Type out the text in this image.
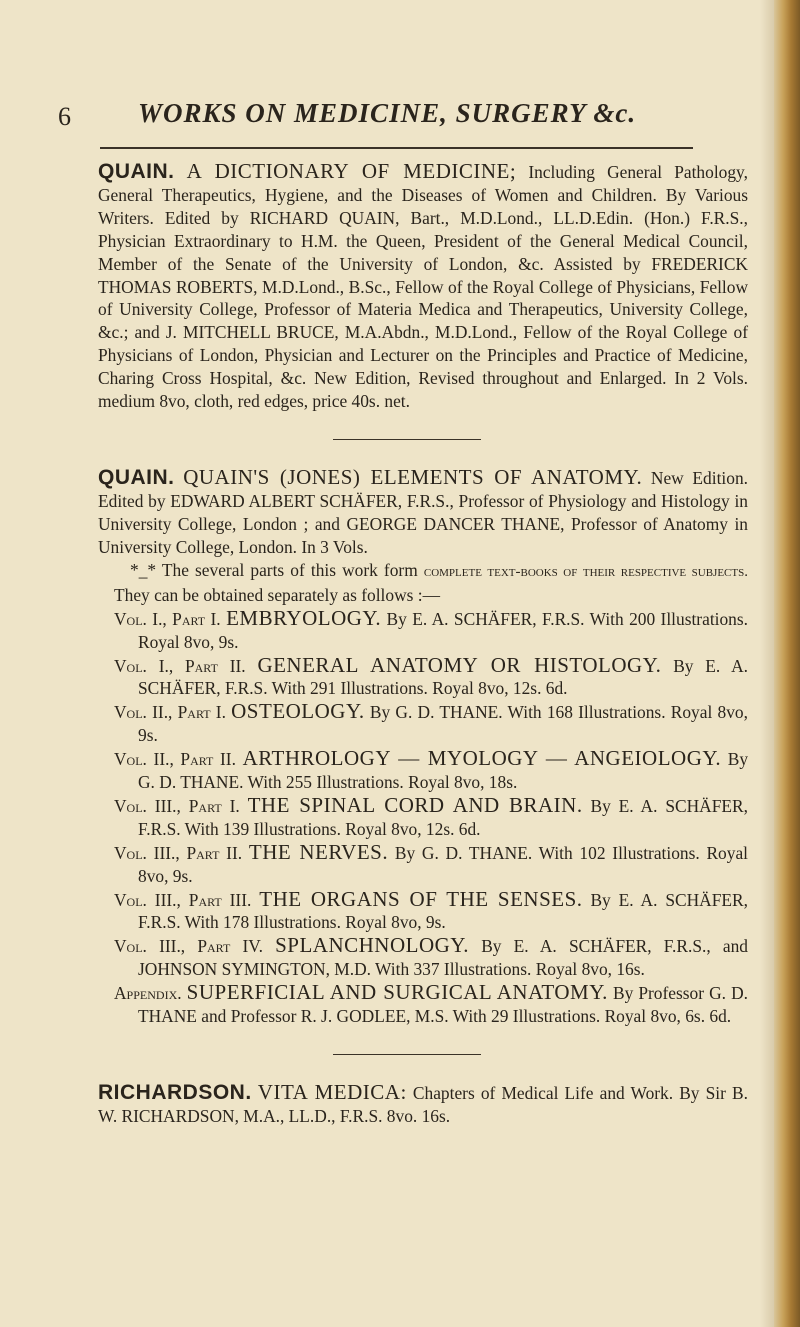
6 WORKS ON MEDICINE, SURGERY &c.

QUAIN. A DICTIONARY OF MEDICINE; Including General Pathology, General Therapeutics, Hygiene, and the Diseases of Women and Children. By Various Writers. Edited by RICHARD QUAIN, Bart., M.D.Lond., LL.D.Edin. (Hon.) F.R.S., Physician Extraordinary to H.M. the Queen, President of the General Medical Council, Member of the Senate of the University of London, &c. Assisted by FREDERICK THOMAS ROBERTS, M.D.Lond., B.Sc., Fellow of the Royal College of Physicians, Fellow of University College, Professor of Materia Medica and Therapeutics, University College, &c.; and J. MITCHELL BRUCE, M.A.Abdn., M.D.Lond., Fellow of the Royal College of Physicians of London, Physician and Lecturer on the Principles and Practice of Medicine, Charing Cross Hospital, &c. New Edition, Revised throughout and Enlarged. In 2 Vols. medium 8vo, cloth, red edges, price 40s. net.

QUAIN. QUAIN'S (JONES) ELEMENTS OF ANATOMY. New Edition. Edited by EDWARD ALBERT SCHÄFER, F.R.S., Professor of Physiology and Histology in University College, London ; and GEORGE DANCER THANE, Professor of Anatomy in University College, London. In 3 Vols.

*_* The several parts of this work form complete text-books of their respective subjects. They can be obtained separately as follows :—

Vol. I., Part I. EMBRYOLOGY. By E. A. SCHÄFER, F.R.S. With 200 Illustrations. Royal 8vo, 9s.

Vol. I., Part II. GENERAL ANATOMY OR HISTOLOGY. By E. A. SCHÄFER, F.R.S. With 291 Illustrations. Royal 8vo, 12s. 6d.

Vol. II., Part I. OSTEOLOGY. By G. D. THANE. With 168 Illustrations. Royal 8vo, 9s.

Vol. II., Part II. ARTHROLOGY — MYOLOGY — ANGEIOLOGY. By G. D. THANE. With 255 Illustrations. Royal 8vo, 18s.

Vol. III., Part I. THE SPINAL CORD AND BRAIN. By E. A. SCHÄFER, F.R.S. With 139 Illustrations. Royal 8vo, 12s. 6d.

Vol. III., Part II. THE NERVES. By G. D. THANE. With 102 Illustrations. Royal 8vo, 9s.

Vol. III., Part III. THE ORGANS OF THE SENSES. By E. A. SCHÄFER, F.R.S. With 178 Illustrations. Royal 8vo, 9s.

Vol. III., Part IV. SPLANCHNOLOGY. By E. A. SCHÄFER, F.R.S., and JOHNSON SYMINGTON, M.D. With 337 Illustrations. Royal 8vo, 16s.

Appendix. SUPERFICIAL AND SURGICAL ANATOMY. By Professor G. D. THANE and Professor R. J. GODLEE, M.S. With 29 Illustrations. Royal 8vo, 6s. 6d.

RICHARDSON. VITA MEDICA: Chapters of Medical Life and Work. By Sir B. W. RICHARDSON, M.A., LL.D., F.R.S. 8vo. 16s.
